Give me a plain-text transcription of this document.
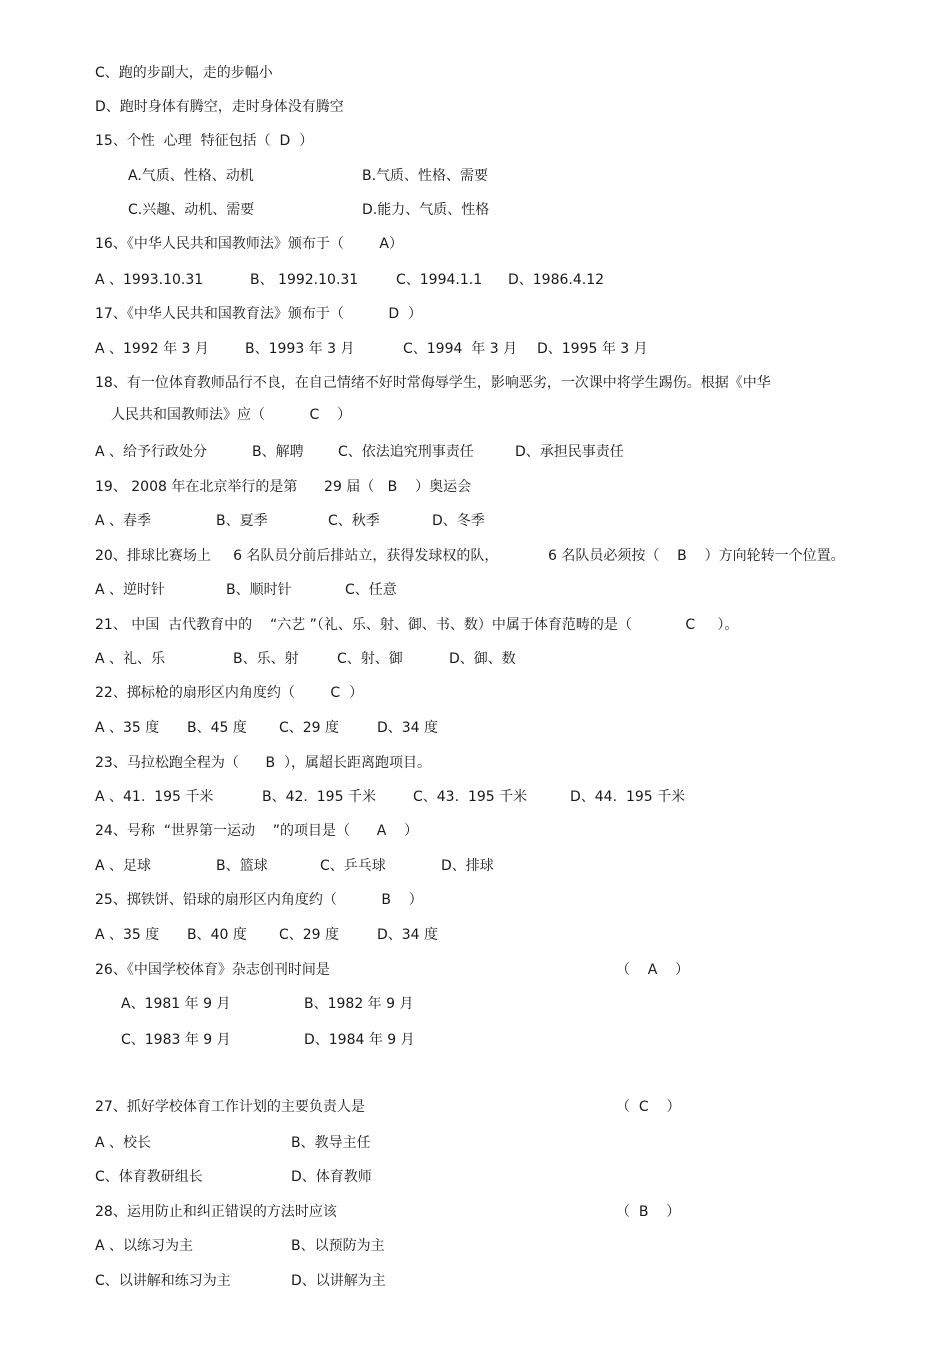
C、跑的步副大，走的步幅小
D、跑时身体有腾空，走时身体没有腾空
15、个性  心理  特征包括（  D  ）
A.气质、性格、动机	B.气质、性格、需要
C.兴趣、动机、需要	D.能力、气质、性格
16、《中华人民共和国教师法》颁布于（        A）
A 、1993.10.31	B、 1992.10.31	C、1994.1.1 D、1986.4.12
17、《中华人民共和国教育法》颁布于（          D  ）
A 、1992 年 3 月	B、1993 年 3 月	C、1994  年 3 月 D、1995 年 3 月
18、有一位体育教师品行不良，在自己情绪不好时常侮辱学生，影响恶劣，一次课中将学生踢伤。根据《中华
人民共和国教师法》应（          C    ）
A 、给予行政处分	B、解聘 C、依法追究刑事责任	D、承担民事责任
19、 2008 年在北京举行的是第      29 届（   B    ）奥运会
A 、春季	B、夏季	C、秋季	D、冬季
20、排球比赛场上     6 名队员分前后排站立，获得发球权的队，	6 名队员必须按（    B    ）方向轮转一个位置。
A 、逆时针	B、顺时针	C、任意
21、 中国  古代教育中的    “六艺 ”（礼、乐、射、御、书、数）中属于体育范畴的是（            C     ）。
A 、礼、乐	B、乐、射	C、射、御	D、御、数
22、掷标枪的扇形区内角度约（        C  ）
A 、35 度 B、45 度 C、29 度	D、34 度
23、马拉松跑全程为（      B  ），属超长距离跑项目。
A 、41.  195 千米	B、42.  195 千米	C、43.  195 千米	D、44.  195 千米
24、号称  “世界第一运动    ”的项目是（      A    ）
A 、足球	B、篮球	C、乒乓球	D、排球
25、掷铁饼、铅球的扇形区内角度约（          B    ）
A 、35 度 B、40 度 C、29 度	D、34 度
26、《中国学校体育》杂志创刊时间是	（    A    ）
A、1981 年 9 月	B、1982 年 9 月
C、1983 年 9 月	D、1984 年 9 月
27、抓好学校体育工作计划的主要负责人是	（  C    ）
A 、校长	B、教导主任
C、体育教研组长	D、体育教师
28、运用防止和纠正错误的方法时应该	（  B    ）
A 、以练习为主	B、以预防为主
C、以讲解和练习为主	D、以讲解为主
